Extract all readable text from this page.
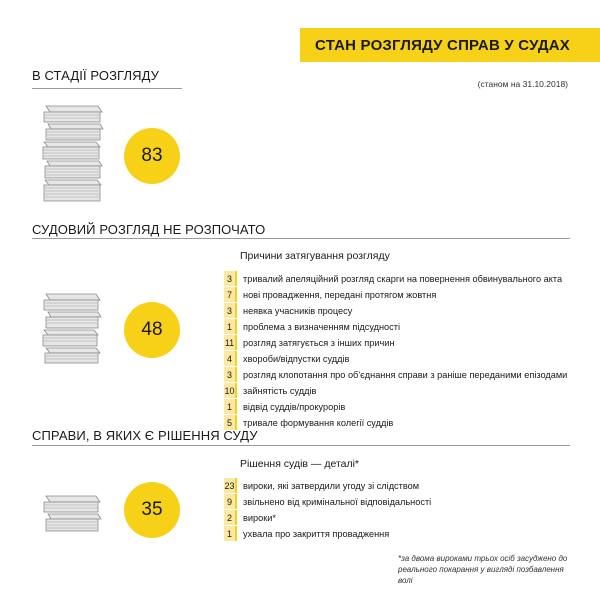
СТАН РОЗГЛЯДУ СПРАВ У СУДАХ
В СТАДІЇ РОЗГЛЯДУ
(станом на 31.10.2018)
83
СУДОВИЙ РОЗГЛЯД НЕ РОЗПОЧАТО
Причини затягування розгляду
48
3	тривалий апеляційний розгляд скарги на повернення обвинувального акта
7	нові провадження, передані протягом жовтня
3	неявка учасників процесу
1	проблема з визначенням підсудності
11 розгляд затягується з інших причин
4	хвороби/відпустки суддів
3	розгляд клопотання про об'єднання справи з раніше переданими епізодами
10 зайнятість суддів
1	відвід суддів/прокурорів
5	тривале формування колегії суддів
СПРАВИ, В ЯКИХ Є РІШЕННЯ СУДУ
Рішення судів — деталі*
35
23 вироки, які затвердили угоду зі слідством
9	звільнено від кримінальної відповідальності
2	вироки*
1	ухвала про закриття провадження
*за двома вироками трьох осіб засуджено до реального покарання у вигляді позбавлення волі
